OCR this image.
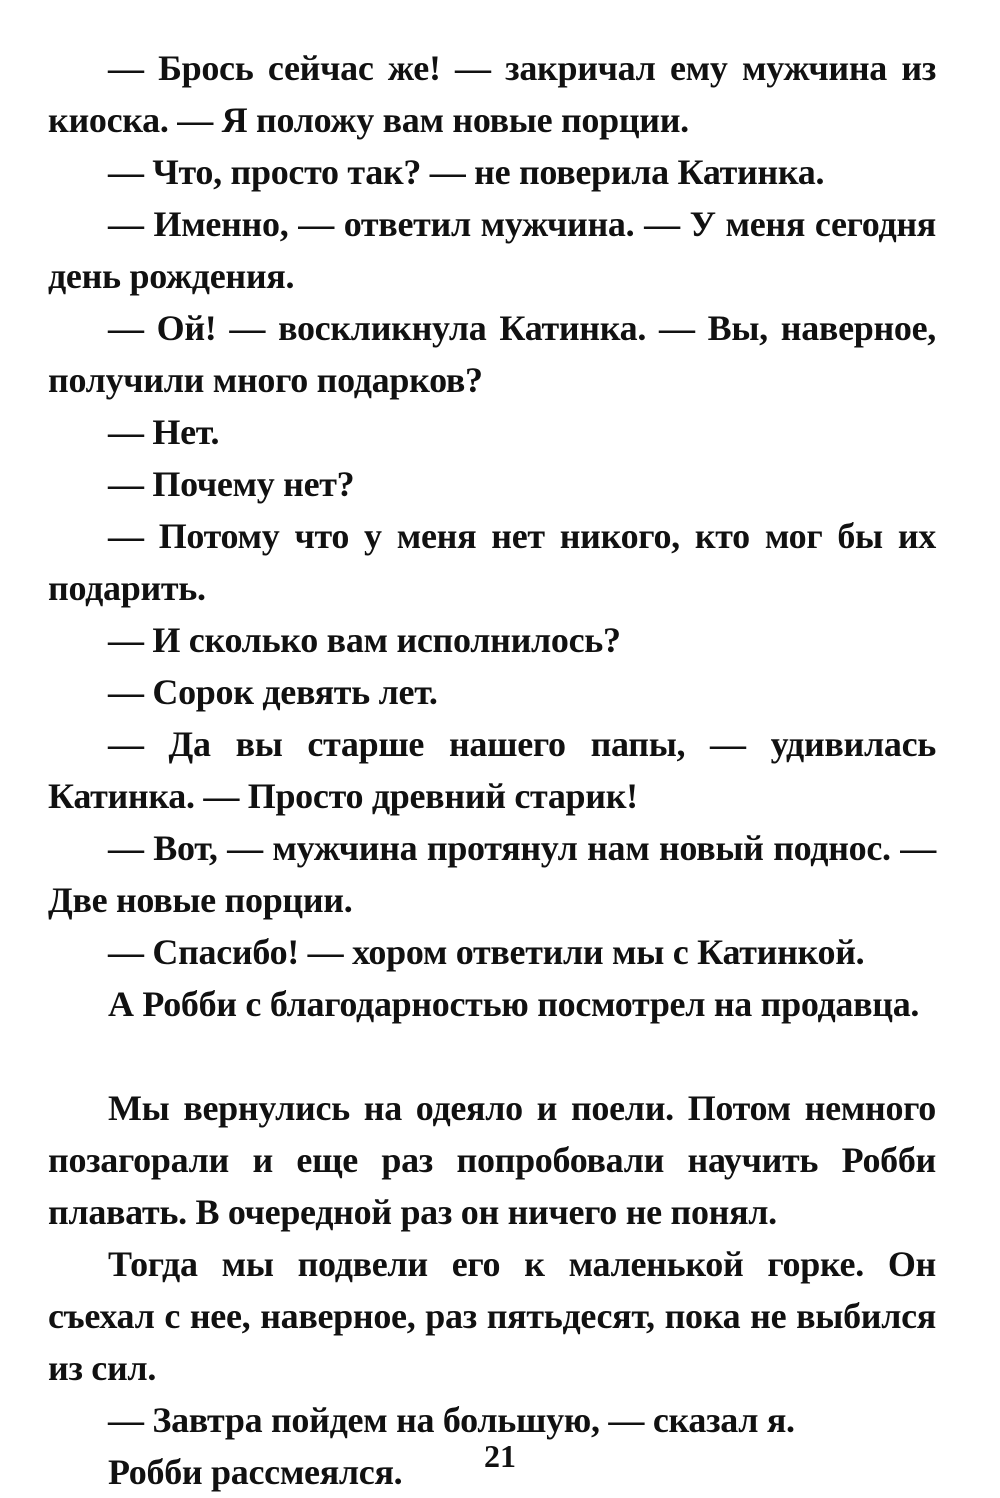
— Брось сейчас же! — закричал ему мужчина из киоска. — Я положу вам новые порции.

— Что, просто так? — не поверила Катинка.

— Именно, — ответил мужчина. — У меня сегодня день рождения.

— Ой! — воскликнула Катинка. — Вы, наверное, получили много подарков?

— Нет.

— Почему нет?

— Потому что у меня нет никого, кто мог бы их подарить.

— И сколько вам исполнилось?

— Сорок девять лет.

— Да вы старше нашего папы, — удивилась Катинка. — Просто древний старик!

— Вот, — мужчина протянул нам новый поднос. — Две новые порции.

— Спасибо! — хором ответили мы с Катинкой.

А Робби с благодарностью посмотрел на продавца.

Мы вернулись на одеяло и поели. Потом немного позагорали и еще раз попробовали научить Робби плавать. В очередной раз он ничего не понял.

Тогда мы подвели его к маленькой горке. Он съехал с нее, наверное, раз пятьдесят, пока не выбился из сил.

— Завтра пойдем на большую, — сказал я.

Робби рассмеялся.	21
